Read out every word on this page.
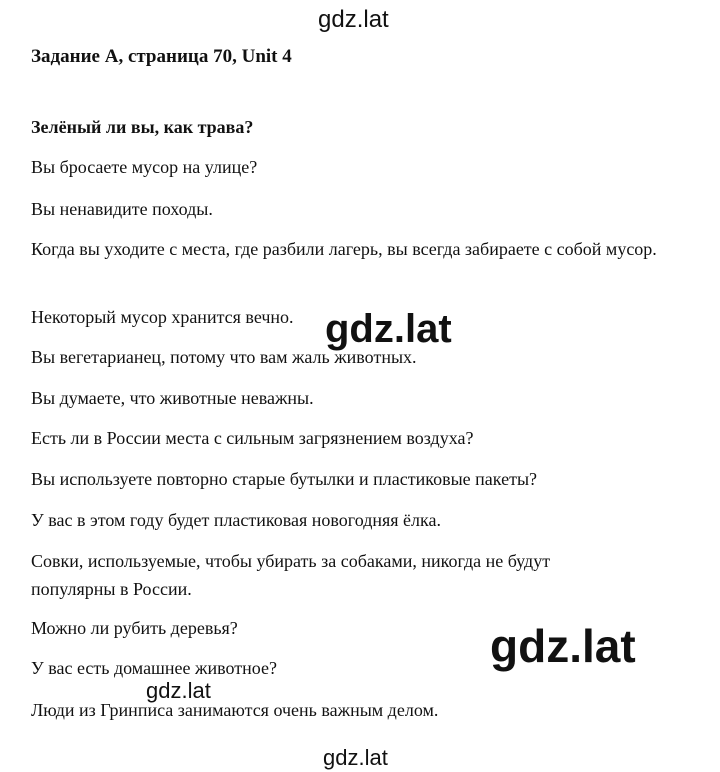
gdz.lat
Задание A, страница 70, Unit 4
Зелёный ли вы, как трава?
Вы бросаете мусор на улице?
Вы ненавидите походы.
Когда вы уходите с места, где разбили лагерь, вы всегда забираете с собой мусор.
Некоторый мусор хранится вечно.
Вы вегетарианец, потому что вам жаль животных.
Вы думаете, что животные неважны.
Есть ли в России места с сильным загрязнением воздуха?
Вы используете повторно старые бутылки и пластиковые пакеты?
У вас в этом году будет пластиковая новогодняя ёлка.
Совки, используемые, чтобы убирать за собаками, никогда не будут популярны в России.
Можно ли рубить деревья?
У вас есть домашнее животное?
Люди из Гринписа занимаются очень важным делом.
gdz.lat
gdz.lat
gdz.lat
gdz.lat
